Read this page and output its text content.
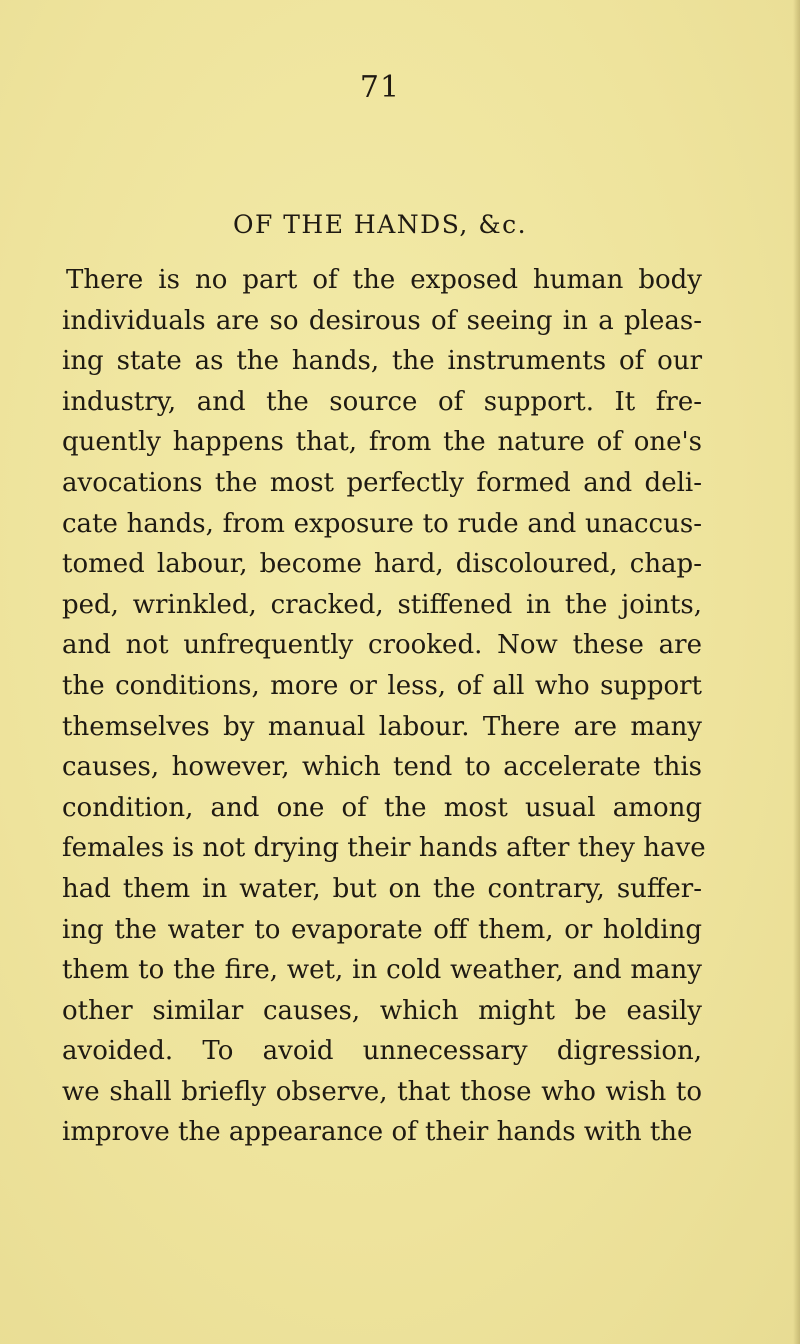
71
OF THE HANDS, &c.
There is no part of the exposed human body
individuals are so desirous of seeing in a pleas-
ing state as the hands, the instruments of our
industry, and the source of support. It fre-
quently happens that, from the nature of one's
avocations the most perfectly formed and deli-
cate hands, from exposure to rude and unaccus-
tomed labour, become hard, discoloured, chap-
ped, wrinkled, cracked, stiffened in the joints,
and not unfrequently crooked. Now these are
the conditions, more or less, of all who support
themselves by manual labour. There are many
causes, however, which tend to accelerate this
condition, and one of the most usual among
females is not drying their hands after they have
had them in water, but on the contrary, suffer-
ing the water to evaporate off them, or holding
them to the fire, wet, in cold weather, and many
other similar causes, which might be easily
avoided. To avoid unnecessary digression,
we shall briefly observe, that those who wish to
improve the appearance of their hands with the
